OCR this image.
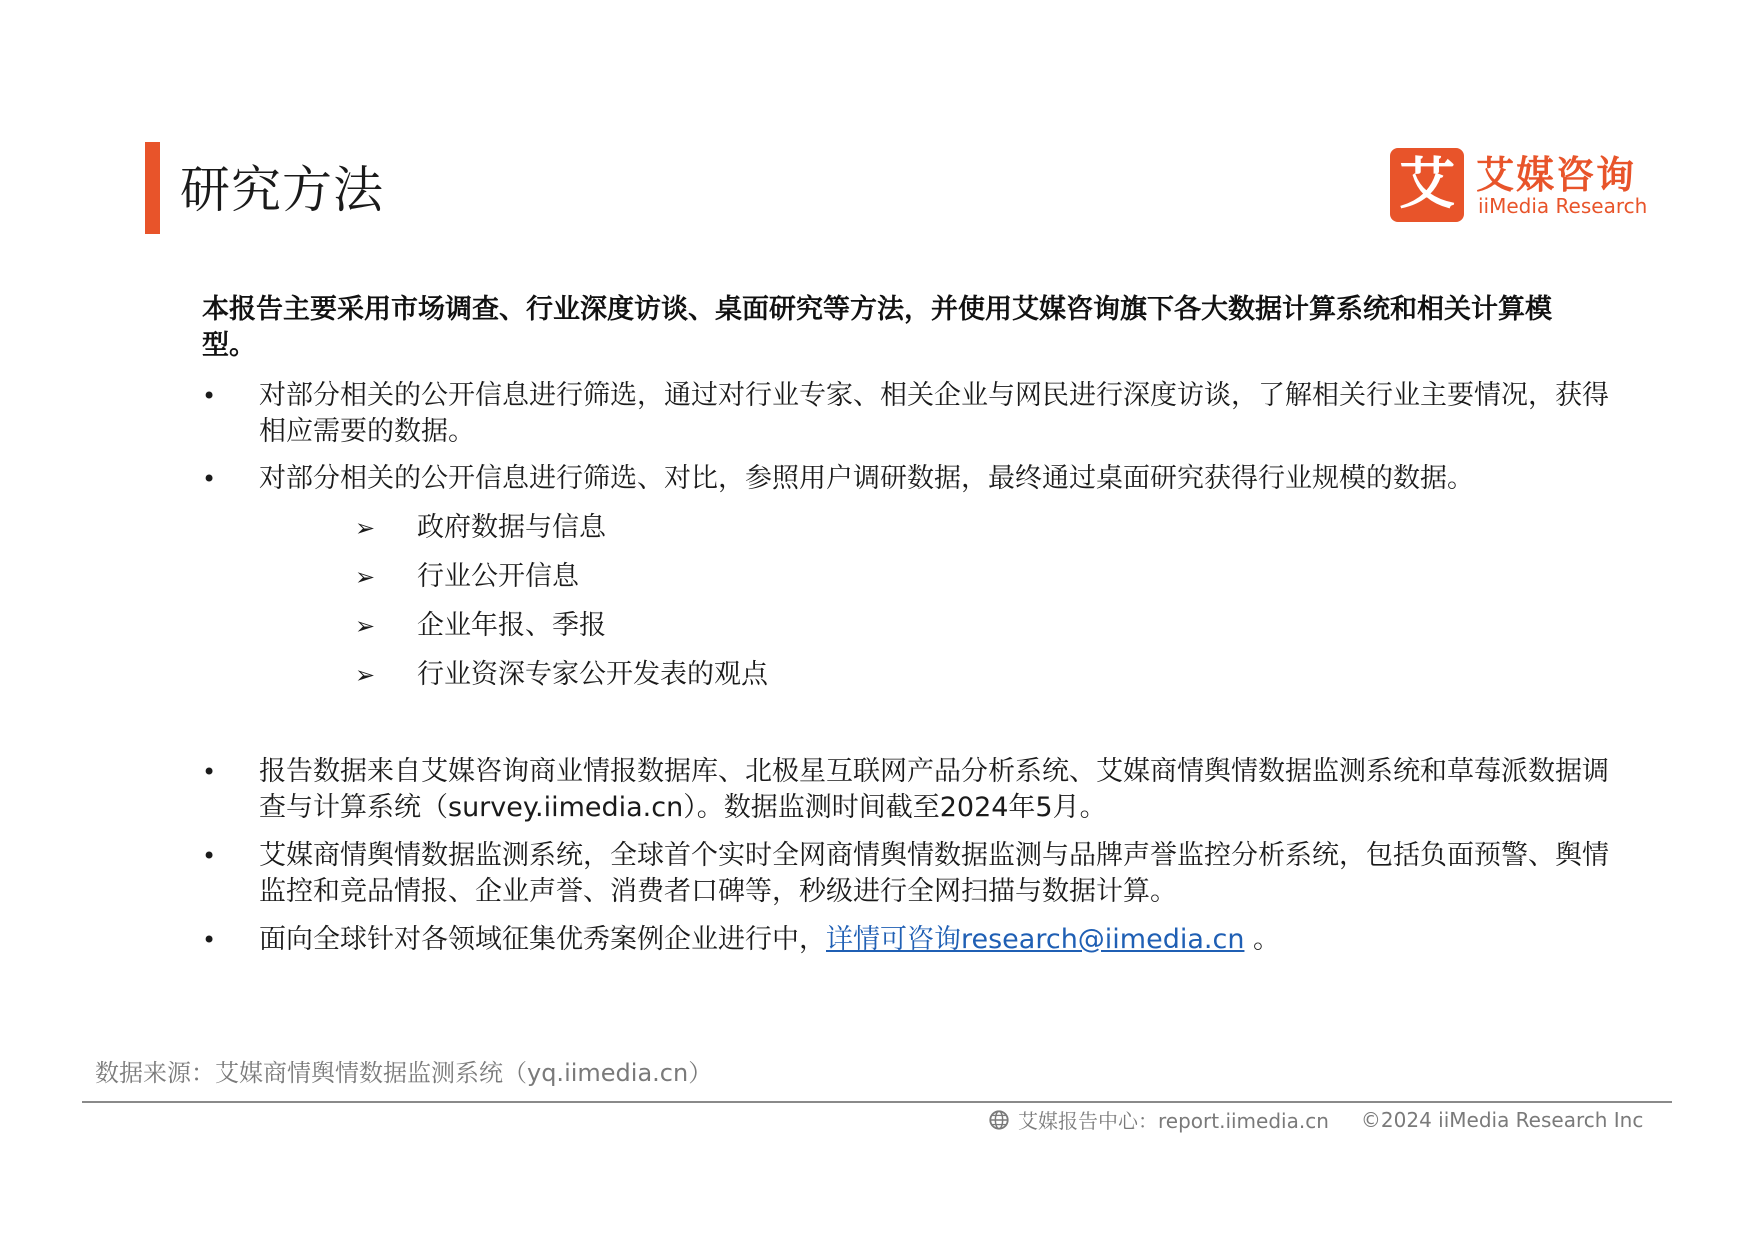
研究方法	艾 艾媒咨询
iiMedia Research

本报告主要采用市场调查、行业深度访谈、桌面研究等方法，并使用艾媒咨询旗下各大数据计算系统和相关计算模型。

• 对部分相关的公开信息进行筛选，通过对行业专家、相关企业与网民进行深度访谈，了解相关行业主要情况，获得相应需要的数据。
• 对部分相关的公开信息进行筛选、对比，参照用户调研数据，最终通过桌面研究获得行业规模的数据。
➢ 政府数据与信息
➢ 行业公开信息
➢ 企业年报、季报
➢ 行业资深专家公开发表的观点
• 报告数据来自艾媒咨询商业情报数据库、北极星互联网产品分析系统、艾媒商情舆情数据监测系统和草莓派数据调查与计算系统（survey.iimedia.cn）。数据监测时间截至2024年5月。
• 艾媒商情舆情数据监测系统，全球首个实时全网商情舆情数据监测与品牌声誉监控分析系统，包括负面预警、舆情监控和竞品情报、企业声誉、消费者口碑等，秒级进行全网扫描与数据计算。
• 面向全球针对各领域征集优秀案例企业进行中，详情可咨询research@iimedia.cn 。
数据来源：艾媒商情舆情数据监测系统（yq.iimedia.cn）
艾媒报告中心：report.iimedia.cn ©2024 iiMedia Research Inc
